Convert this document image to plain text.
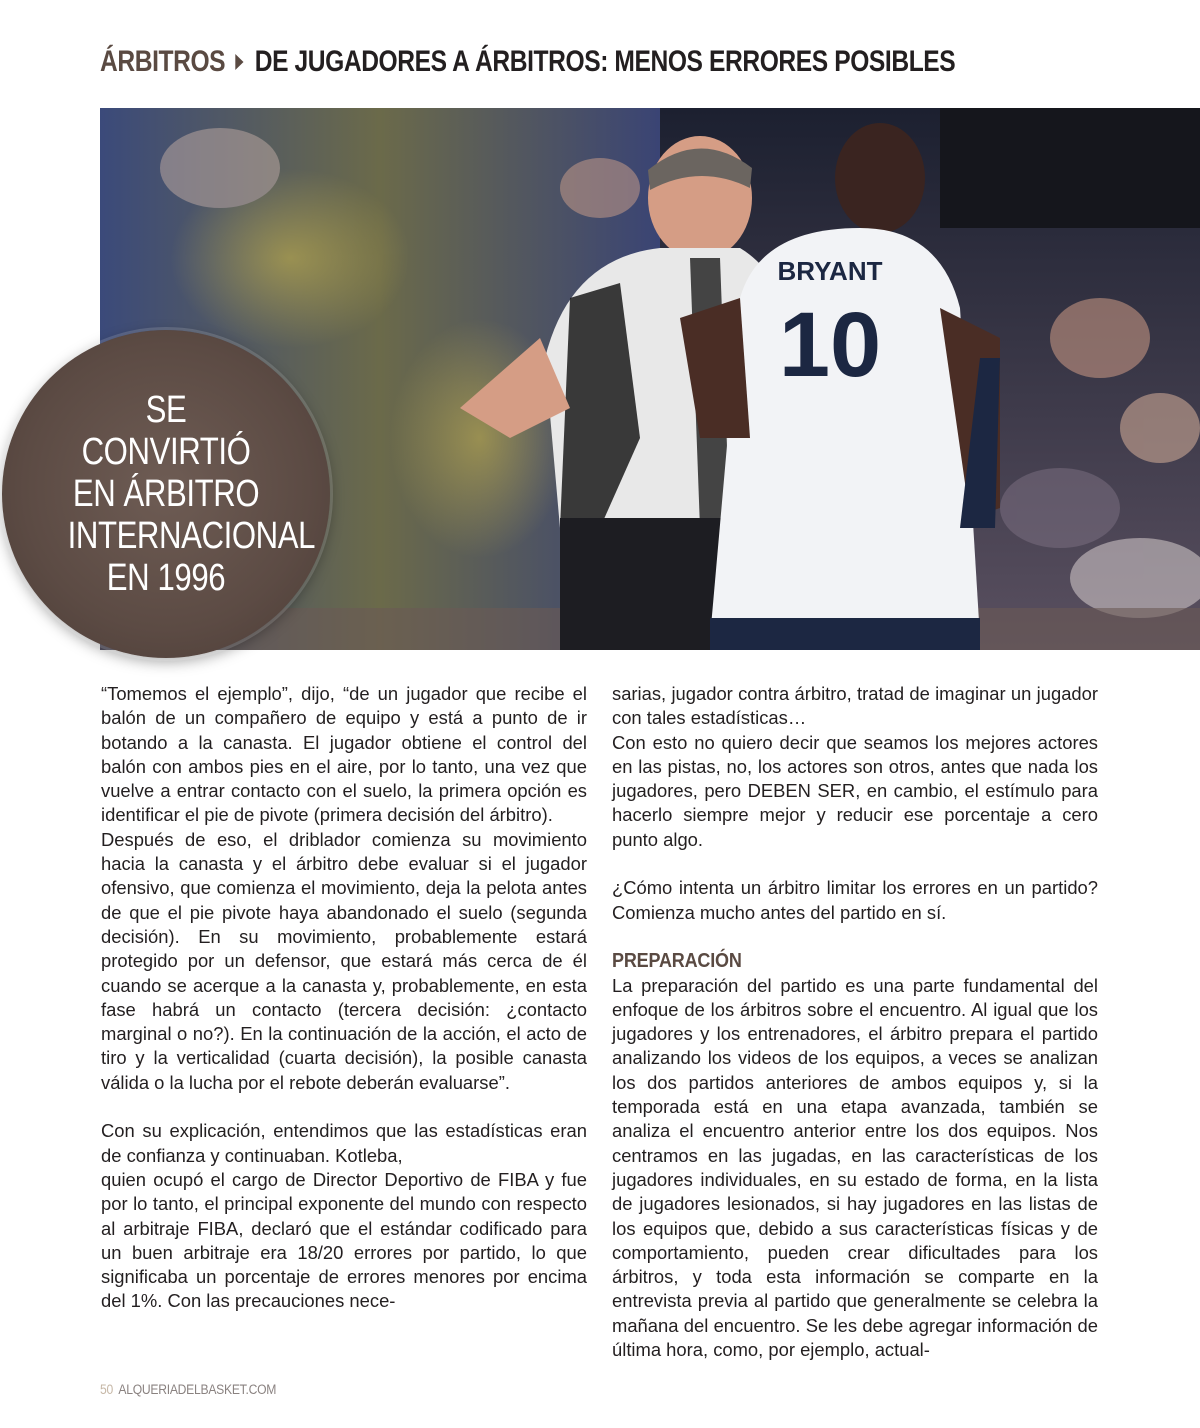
ÁRBITROS DE JUGADORES A ÁRBITROS: MENOS ERRORES POSIBLES
BRYANT
10
SE CONVIRTIÓ EN ÁRBITRO INTERNACIONAL EN 1996

“Tomemos el ejemplo”, dijo, “de un jugador que recibe el balón de un compañero de equipo y está a punto de ir botando a la canasta. El jugador obtiene el control del balón con ambos pies en el aire, por lo tanto, una vez que vuelve a entrar contacto con el suelo, la primera opción es identificar el pie de pivote (primera decisión del árbitro).

Después de eso, el driblador comienza su movimiento hacia la canasta y el árbitro debe evaluar si el jugador ofensivo, que comienza el movimiento, deja la pelota antes de que el pie pivote haya abandonado el suelo (segunda decisión). En su movimiento, probablemente estará protegido por un defensor, que estará más cerca de él cuando se acerque a la canasta y, probablemente, en esta fase habrá un contacto (tercera decisión: ¿contacto marginal o no?). En la continuación de la acción, el acto de tiro y la verticalidad (cuarta decisión), la posible canasta válida o la lucha por el rebote deberán evaluarse”.

Con su explicación, entendimos que las estadísticas eran de confianza y continuaban. Kotleba,

quien ocupó el cargo de Director Deportivo de FIBA y fue por lo tanto, el principal exponente del mundo con respecto al arbitraje FIBA, declaró que el estándar codificado para un buen arbitraje era 18/20 errores por partido, lo que significaba un porcentaje de errores menores por encima del 1%. Con las precauciones nece-

sarias, jugador contra árbitro, tratad de imaginar un jugador con tales estadísticas…

Con esto no quiero decir que seamos los mejores actores en las pistas, no, los actores son otros, antes que nada los jugadores, pero DEBEN SER, en cambio, el estímulo para hacerlo siempre mejor y reducir ese porcentaje a cero punto algo.

¿Cómo intenta un árbitro limitar los errores en un partido? Comienza mucho antes del partido en sí.

PREPARACIÓN

La preparación del partido es una parte fundamental del enfoque de los árbitros sobre el encuentro. Al igual que los jugadores y los entrenadores, el árbitro prepara el partido analizando los videos de los equipos, a veces se analizan los dos partidos anteriores de ambos equipos y, si la temporada está en una etapa avanzada, también se analiza el encuentro anterior entre los dos equipos. Nos centramos en las jugadas, en las características de los jugadores individuales, en su estado de forma, en la lista de jugadores lesionados, si hay jugadores en las listas de los equipos que, debido a sus características físicas y de comportamiento, pueden crear dificultades para los árbitros, y toda esta información se comparte en la entrevista previa al partido que generalmente se celebra la mañana del encuentro. Se les debe agregar información de última hora, como, por ejemplo, actual-

50 ALQUERIADELBASKET.COM
